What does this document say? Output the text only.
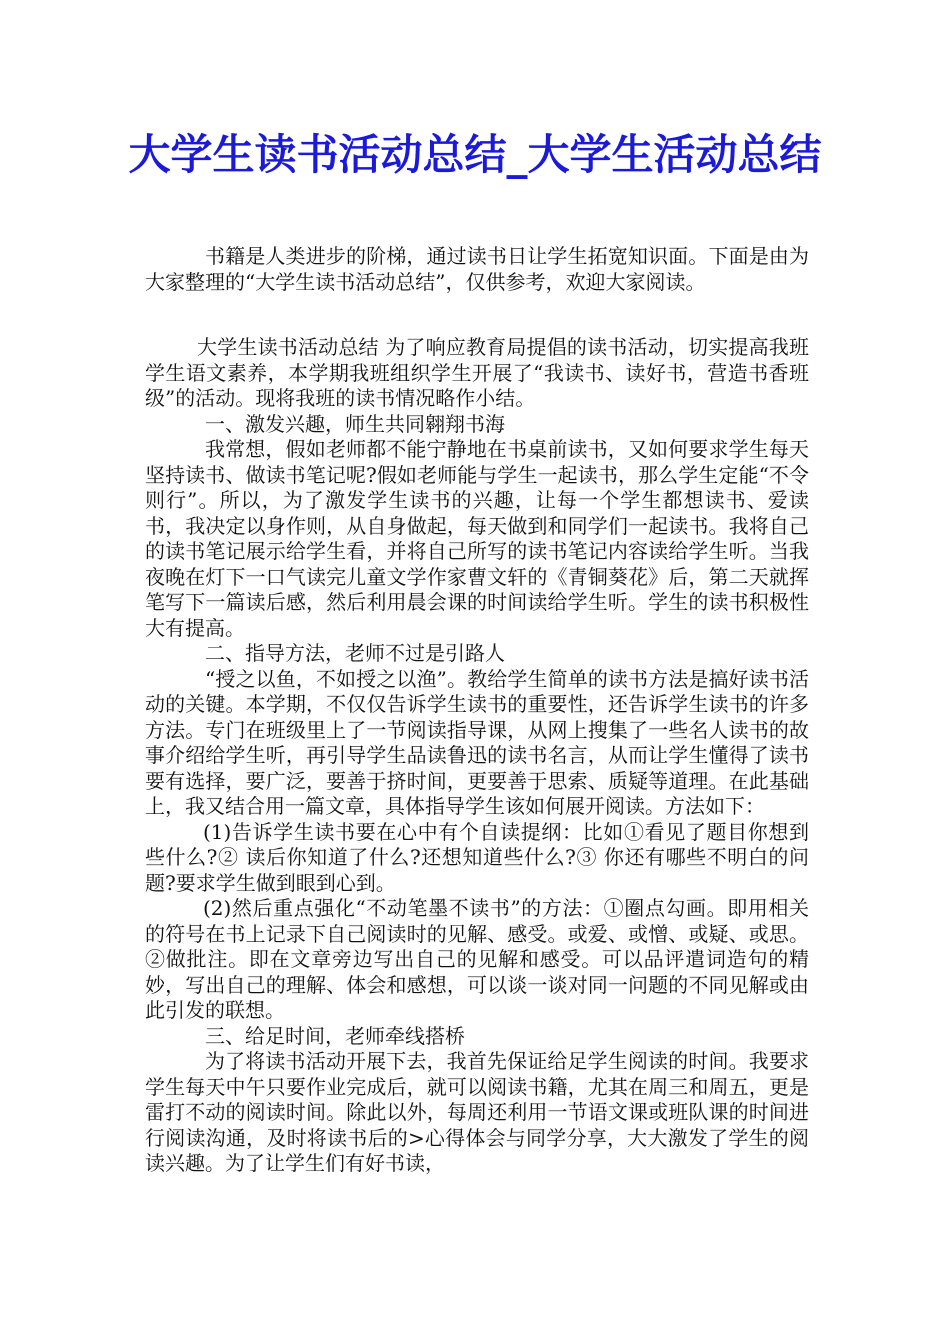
大学生读书活动总结_大学生活动总结

书籍是人类进步的阶梯，通过读书日让学生拓宽知识面。下面是由为大家整理的“大学生读书活动总结”，仅供参考，欢迎大家阅读。

大学生读书活动总结 为了响应教育局提倡的读书活动，切实提高我班学生语文素养，本学期我班组织学生开展了“我读书、读好书，营造书香班级”的活动。现将我班的读书情况略作小结。

一、激发兴趣，师生共同翱翔书海

我常想，假如老师都不能宁静地在书桌前读书，又如何要求学生每天坚持读书、做读书笔记呢?假如老师能与学生一起读书，那么学生定能“不令则行”。所以，为了激发学生读书的兴趣，让每一个学生都想读书、爱读书，我决定以身作则，从自身做起，每天做到和同学们一起读书。我将自己的读书笔记展示给学生看，并将自己所写的读书笔记内容读给学生听。当我夜晚在灯下一口气读完儿童文学作家曹文轩的《青铜葵花》后，第二天就挥笔写下一篇读后感，然后利用晨会课的时间读给学生听。学生的读书积极性大有提高。

二、指导方法，老师不过是引路人

“授之以鱼，不如授之以渔”。教给学生简单的读书方法是搞好读书活动的关键。本学期，不仅仅告诉学生读书的重要性，还告诉学生读书的许多方法。专门在班级里上了一节阅读指导课，从网上搜集了一些名人读书的故事介绍给学生听，再引导学生品读鲁迅的读书名言，从而让学生懂得了读书要有选择，要广泛，要善于挤时间，更要善于思索、质疑等道理。在此基础上，我又结合用一篇文章，具体指导学生该如何展开阅读。方法如下：

(1)告诉学生读书要在心中有个自读提纲：比如①看见了题目你想到些什么?② 读后你知道了什么?还想知道些什么?③ 你还有哪些不明白的问题?要求学生做到眼到心到。

(2)然后重点强化“不动笔墨不读书”的方法：①圈点勾画。即用相关的符号在书上记录下自己阅读时的见解、感受。或爱、或憎、或疑、或思。②做批注。即在文章旁边写出自己的见解和感受。可以品评遣词造句的精妙，写出自己的理解、体会和感想，可以谈一谈对同一问题的不同见解或由此引发的联想。

三、给足时间，老师牵线搭桥

为了将读书活动开展下去，我首先保证给足学生阅读的时间。我要求学生每天中午只要作业完成后，就可以阅读书籍，尤其在周三和周五，更是雷打不动的阅读时间。除此以外，每周还利用一节语文课或班队课的时间进行阅读沟通，及时将读书后的>心得体会与同学分享，大大激发了学生的阅读兴趣。为了让学生们有好书读，
